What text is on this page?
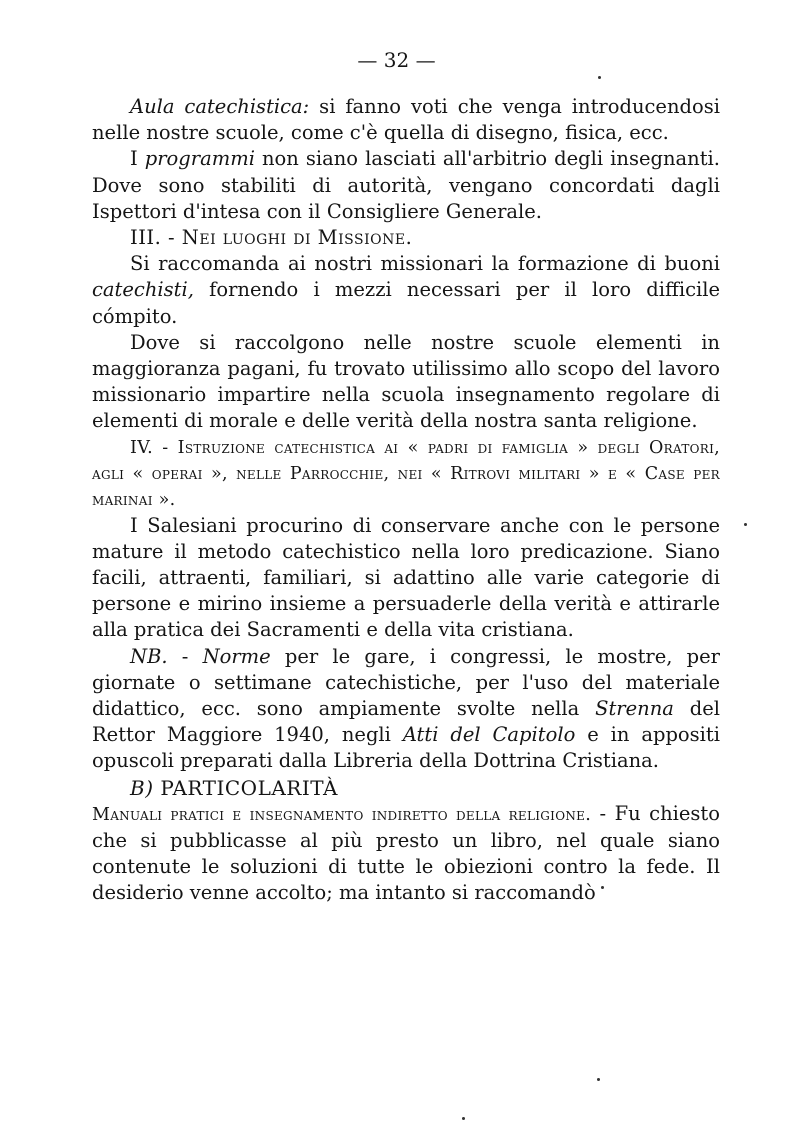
— 32 —

Aula catechistica: si fanno voti che venga introducendosi nelle nostre scuole, come c'è quella di disegno, fisica, ecc.

I programmi non siano lasciati all'arbitrio degli insegnanti. Dove sono stabiliti di autorità, vengano concordati dagli Ispettori d'intesa con il Consigliere Generale.

III. - Nei luoghi di Missione.

Si raccomanda ai nostri missionari la formazione di buoni catechisti, fornendo i mezzi necessari per il loro difficile cómpito.

Dove si raccolgono nelle nostre scuole elementi in maggioranza pagani, fu trovato utilissimo allo scopo del lavoro missionario impartire nella scuola insegnamento regolare di elementi di morale e delle verità della nostra santa religione.

IV. - Istruzione catechistica ai « padri di famiglia » degli Oratori, agli « operai », nelle Parrocchie, nei « Ritrovi militari » e « Case per marinai ».

I Salesiani procurino di conservare anche con le persone mature il metodo catechistico nella loro predicazione. Siano facili, attraenti, familiari, si adattino alle varie categorie di persone e mirino insieme a persuaderle della verità e attirarle alla pratica dei Sacramenti e della vita cristiana.

NB. - Norme per le gare, i congressi, le mostre, per giornate o settimane catechistiche, per l'uso del materiale didattico, ecc. sono ampiamente svolte nella Strenna del Rettor Maggiore 1940, negli Atti del Capitolo e in appositi opuscoli preparati dalla Libreria della Dottrina Cristiana.

B) PARTICOLARITÀ

Manuali pratici e insegnamento indiretto della religione. - Fu chiesto che si pubblicasse al più presto un libro, nel quale siano contenute le soluzioni di tutte le obiezioni contro la fede. Il desiderio venne accolto; ma intanto si raccomandò
